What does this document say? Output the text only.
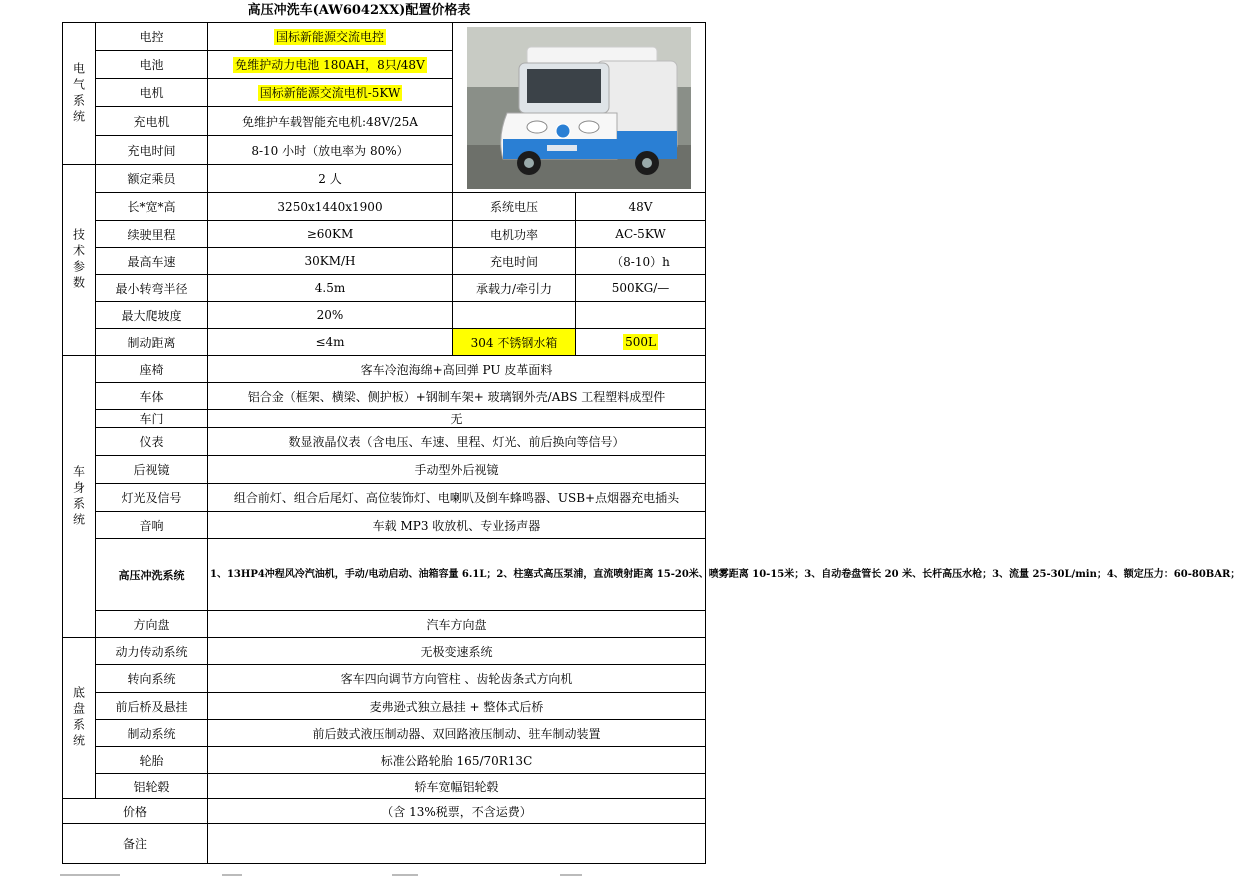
高压冲洗车(AW6042XX)配置价格表
电气系统	电控	国标新能源交流电控	

	电池	免维护动力电池 180AH，8只/48V		
	电机	国标新能源交流电机-5KW		
	充电机	免维护车载智能充电机:48V/25A		
	充电时间	8-10 小时（放电率为 80%）		
技术参数	额定乘员	2 人		
	长*宽*高	3250x1440x1900	系统电压	48V
	续驶里程	≥60KM	电机功率	AC-5KW
	最高车速	30KM/H	充电时间	（8-10）h
	最小转弯半径	4.5m	承载力/牵引力	500KG/—
	最大爬坡度	20%		
	制动距离	≤4m	304 不锈钢水箱	500L
车身系统	座椅	客车冷泡海绵+高回弹 PU 皮革面料		
	车体	铝合金（框架、横梁、侧护板）+钢制车架+ 玻璃钢外壳/ABS 工程塑料成型件		
	车门	无		
	仪表	数显液晶仪表（含电压、车速、里程、灯光、前后换向等信号）		
	后视镜	手动型外后视镜		
	灯光及信号	组合前灯、组合后尾灯、高位装饰灯、电喇叭及倒车蜂鸣器、USB+点烟器充电插头		
	音响	车载 MP3 收放机、专业扬声器		
	高压冲洗系统	1、13HP4冲程风冷汽油机，手动/电动启动、油箱容量 6.1L；2、柱塞式高压泵浦，直流喷射距离 15-20米、喷雾距离 10-15米；3、自动卷盘管长 20 米、长杆高压水枪；3、流量 25-30L/min；4、额定压力：60-80BAR；		
	方向盘	汽车方向盘		
底盘系统	动力传动系统	无极变速系统		
	转向系统	客车四向调节方向管柱 、齿轮齿条式方向机		
	前后桥及悬挂	麦弗逊式独立悬挂 + 整体式后桥		
	制动系统	前后鼓式液压制动器、双回路液压制动、驻车制动装置		
	轮胎	标准公路轮胎 165/70R13C		
	铝轮毂	轿车宽幅铝轮毂		
价格		（含 13%税票，不含运费）		
备注				
